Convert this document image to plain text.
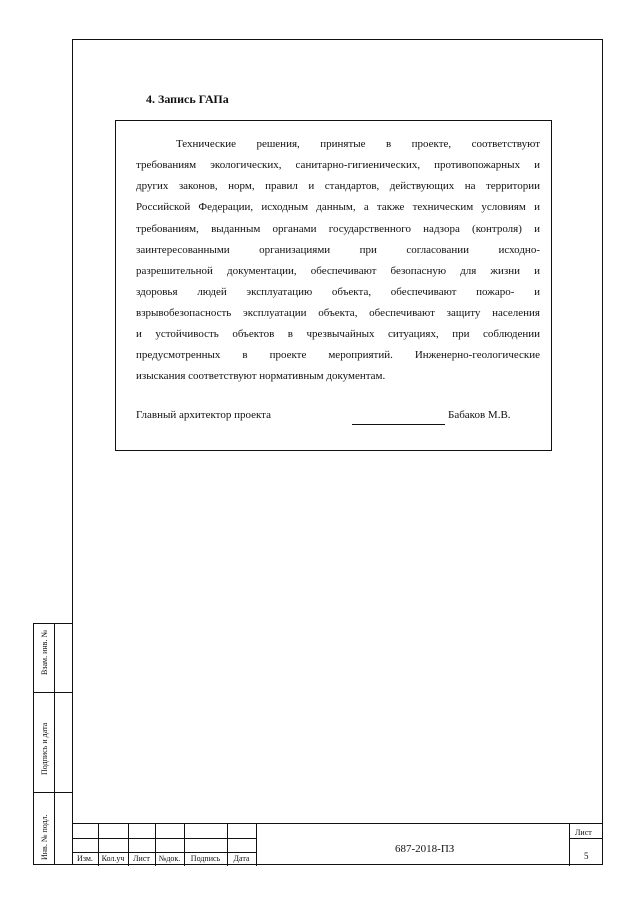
4. Запись ГАПа
Технические решения, принятые в проекте, соответствуют
требованиям экологических, санитарно-гигиенических, противопожарных и
других законов, норм, правил и стандартов, действующих на территории
Российской Федерации, исходным данным, а также техническим условиям и
требованиям, выданным органами государственного надзора (контроля) и
заинтересованными организациями при согласовании исходно-
разрешительной документации, обеспечивают безопасную для жизни и
здоровья людей эксплуатацию объекта, обеспечивают пожаро- и
взрывобезопасность эксплуатации объекта, обеспечивают защиту населения
и устойчивость объектов в чрезвычайных ситуациях, при соблюдении
предусмотренных в проекте мероприятий. Инженерно-геологические
изыскания соответствуют нормативным документам.
Главный архитектор проекта	Бабаков М.В.
Взам. инв. №
Подпись и дата
Инв. № подл.	Изм.	Кол.уч	Лист	№док.	Подпись	Дата
687-2018-ПЗ
Лист
5
